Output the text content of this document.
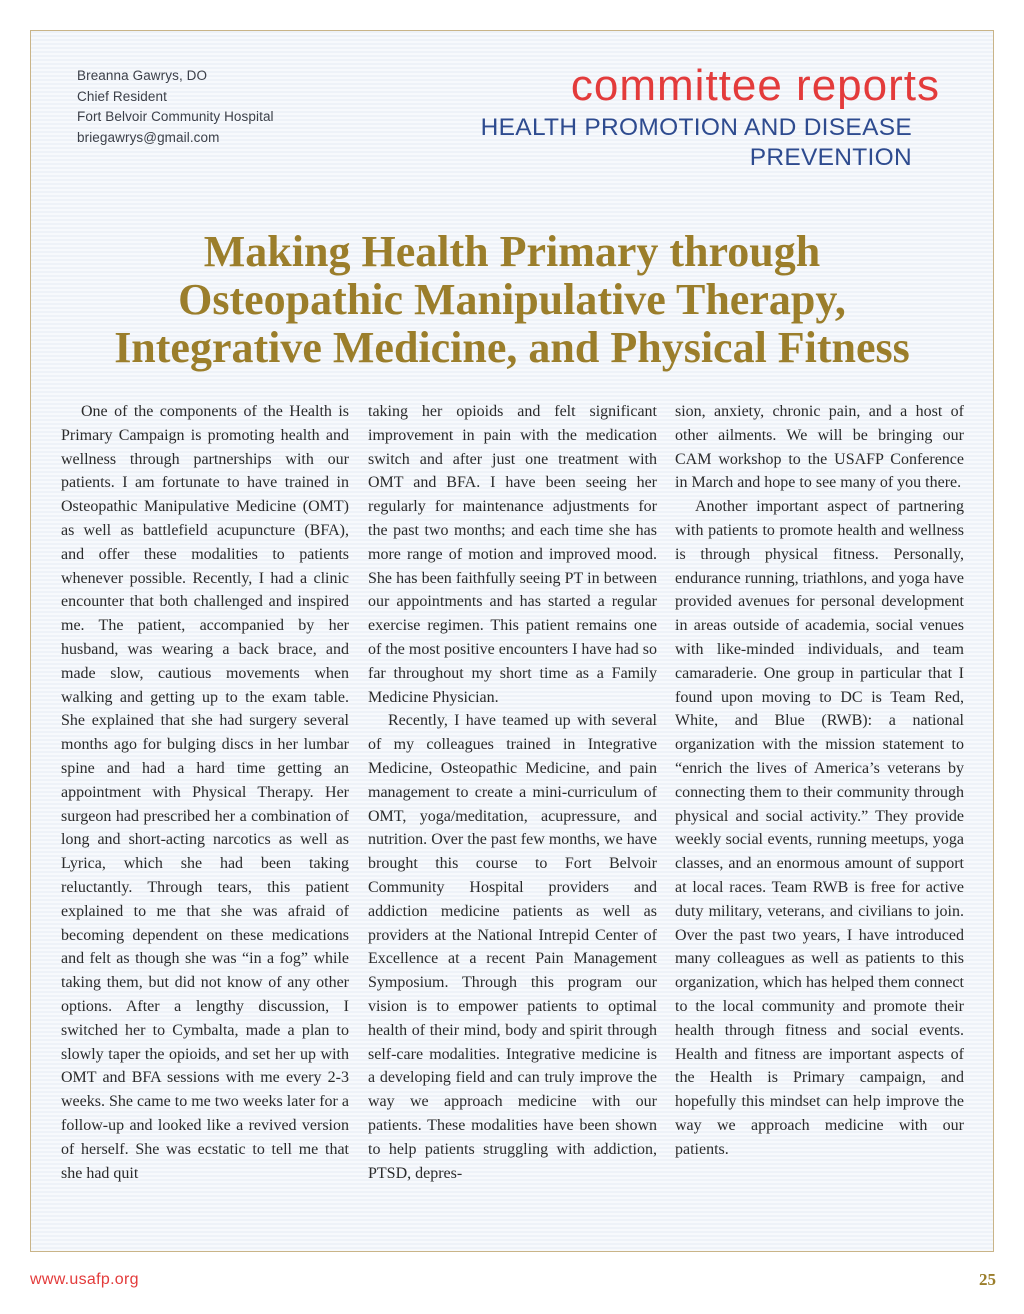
Breanna Gawrys, DO
Chief Resident
Fort Belvoir Community Hospital
briegawrys@gmail.com
committee reports
HEALTH PROMOTION AND DISEASE PREVENTION
Making Health Primary through
Osteopathic Manipulative Therapy,
Integrative Medicine, and Physical Fitness

One of the components of the Health is Primary Campaign is promoting health and wellness through partnerships with our patients. I am fortunate to have trained in Osteopathic Manipulative Medicine (OMT) as well as battlefield acupuncture (BFA), and offer these modalities to patients whenever possible. Recently, I had a clinic encounter that both challenged and inspired me. The patient, accompanied by her husband, was wearing a back brace, and made slow, cautious movements when walking and getting up to the exam table. She explained that she had surgery several months ago for bulging discs in her lumbar spine and had a hard time getting an appointment with Physical Therapy. Her surgeon had prescribed her a combination of long and short-acting narcotics as well as Lyrica, which she had been taking reluctantly. Through tears, this patient explained to me that she was afraid of becoming dependent on these medications and felt as though she was “in a fog” while taking them, but did not know of any other options. After a lengthy discussion, I switched her to Cymbalta, made a plan to slowly taper the opioids, and set her up with OMT and BFA sessions with me every 2-3 weeks. She came to me two weeks later for a follow-up and looked like a revived version of herself. She was ecstatic to tell me that she had quit

taking her opioids and felt significant improvement in pain with the medication switch and after just one treatment with OMT and BFA. I have been seeing her regularly for maintenance adjustments for the past two months; and each time she has more range of motion and improved mood. She has been faithfully seeing PT in between our appointments and has started a regular exercise regimen. This patient remains one of the most positive encounters I have had so far throughout my short time as a Family Medicine Physician.

Recently, I have teamed up with several of my colleagues trained in Integrative Medicine, Osteopathic Medicine, and pain management to create a mini-curriculum of OMT, yoga/meditation, acupressure, and nutrition. Over the past few months, we have brought this course to Fort Belvoir Community Hospital providers and addiction medicine patients as well as providers at the National Intrepid Center of Excellence at a recent Pain Management Symposium. Through this program our vision is to empower patients to optimal health of their mind, body and spirit through self-care modalities. Integrative medicine is a developing field and can truly improve the way we approach medicine with our patients. These modalities have been shown to help patients struggling with addiction, PTSD, depres-

sion, anxiety, chronic pain, and a host of other ailments. We will be bringing our CAM workshop to the USAFP Conference in March and hope to see many of you there.

Another important aspect of partnering with patients to promote health and wellness is through physical fitness. Personally, endurance running, triathlons, and yoga have provided avenues for personal development in areas outside of academia, social venues with like-minded individuals, and team camaraderie. One group in particular that I found upon moving to DC is Team Red, White, and Blue (RWB): a national organization with the mission statement to “enrich the lives of America’s veterans by connecting them to their community through physical and social activity.” They provide weekly social events, running meetups, yoga classes, and an enormous amount of support at local races. Team RWB is free for active duty military, veterans, and civilians to join. Over the past two years, I have introduced many colleagues as well as patients to this organization, which has helped them connect to the local community and promote their health through fitness and social events. Health and fitness are important aspects of the Health is Primary campaign, and hopefully this mindset can help improve the way we approach medicine with our patients.

www.usafp.org	25
